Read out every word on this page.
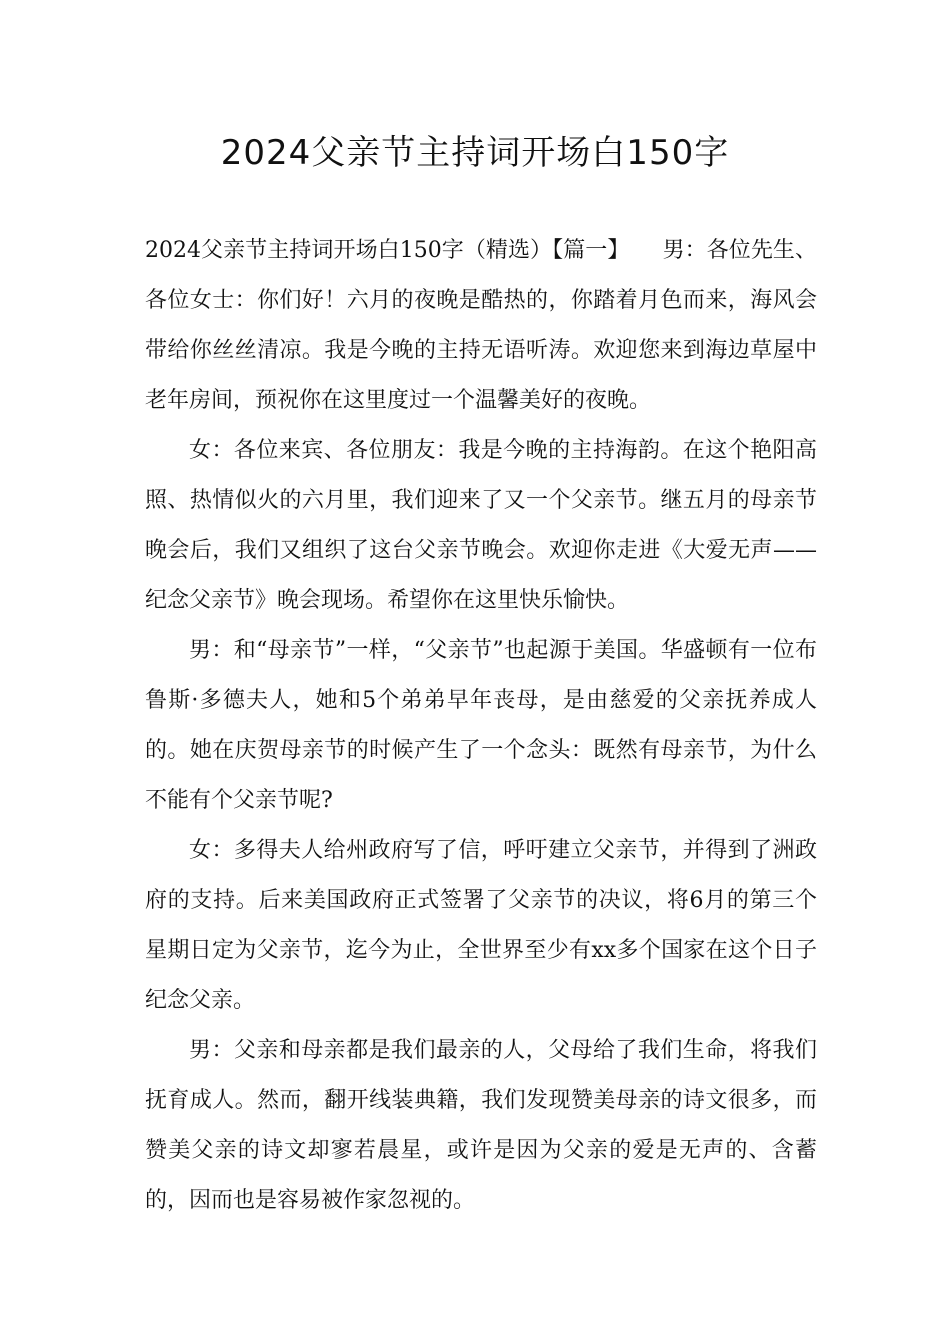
2024父亲节主持词开场白150字

2024父亲节主持词开场白150字（精选）【篇一】　　男：各位先生、各位女士：你们好！六月的夜晚是酷热的，你踏着月色而来，海风会带给你丝丝清凉。我是今晚的主持无语听涛。欢迎您来到海边草屋中老年房间，预祝你在这里度过一个温馨美好的夜晚。

女：各位来宾、各位朋友：我是今晚的主持海韵。在这个艳阳高照、热情似火的六月里，我们迎来了又一个父亲节。继五月的母亲节晚会后，我们又组织了这台父亲节晚会。欢迎你走进《大爱无声——纪念父亲节》晚会现场。希望你在这里快乐愉快。

男：和“母亲节”一样，“父亲节”也起源于美国。华盛顿有一位布鲁斯·多德夫人，她和5个弟弟早年丧母，是由慈爱的父亲抚养成人的。她在庆贺母亲节的时候产生了一个念头：既然有母亲节，为什么不能有个父亲节呢?

女：多得夫人给州政府写了信，呼吁建立父亲节，并得到了洲政府的支持。后来美国政府正式签署了父亲节的决议，将6月的第三个星期日定为父亲节，迄今为止，全世界至少有xx多个国家在这个日子纪念父亲。

男：父亲和母亲都是我们最亲的人，父母给了我们生命，将我们抚育成人。然而，翻开线装典籍，我们发现赞美母亲的诗文很多，而赞美父亲的诗文却寥若晨星，或许是因为父亲的爱是无声的、含蓄的，因而也是容易被作家忽视的。
